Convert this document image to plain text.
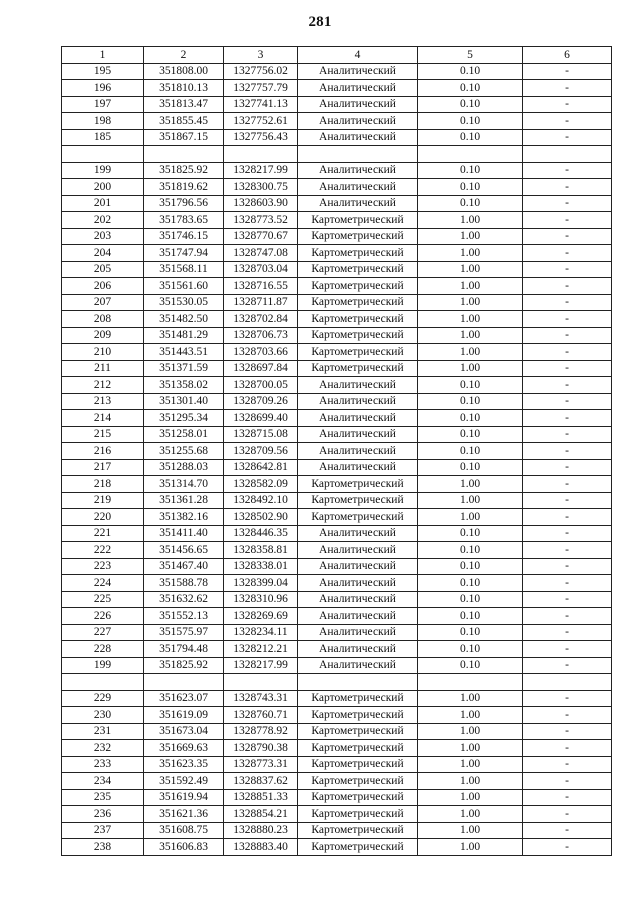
281
1	2	3	4	5	6
195	351808.00	1327756.02	Аналитический	0.10	-
196	351810.13	1327757.79	Аналитический	0.10	-
197	351813.47	1327741.13	Аналитический	0.10	-
198	351855.45	1327752.61	Аналитический	0.10	-
185	351867.15	1327756.43	Аналитический	0.10	-

199	351825.92	1328217.99	Аналитический	0.10	-
200	351819.62	1328300.75	Аналитический	0.10	-
201	351796.56	1328603.90	Аналитический	0.10	-
202	351783.65	1328773.52	Картометрический	1.00	-
203	351746.15	1328770.67	Картометрический	1.00	-
204	351747.94	1328747.08	Картометрический	1.00	-
205	351568.11	1328703.04	Картометрический	1.00	-
206	351561.60	1328716.55	Картометрический	1.00	-
207	351530.05	1328711.87	Картометрический	1.00	-
208	351482.50	1328702.84	Картометрический	1.00	-
209	351481.29	1328706.73	Картометрический	1.00	-
210	351443.51	1328703.66	Картометрический	1.00	-
211	351371.59	1328697.84	Картометрический	1.00	-
212	351358.02	1328700.05	Аналитический	0.10	-
213	351301.40	1328709.26	Аналитический	0.10	-
214	351295.34	1328699.40	Аналитический	0.10	-
215	351258.01	1328715.08	Аналитический	0.10	-
216	351255.68	1328709.56	Аналитический	0.10	-
217	351288.03	1328642.81	Аналитический	0.10	-
218	351314.70	1328582.09	Картометрический	1.00	-
219	351361.28	1328492.10	Картометрический	1.00	-
220	351382.16	1328502.90	Картометрический	1.00	-
221	351411.40	1328446.35	Аналитический	0.10	-
222	351456.65	1328358.81	Аналитический	0.10	-
223	351467.40	1328338.01	Аналитический	0.10	-
224	351588.78	1328399.04	Аналитический	0.10	-
225	351632.62	1328310.96	Аналитический	0.10	-
226	351552.13	1328269.69	Аналитический	0.10	-
227	351575.97	1328234.11	Аналитический	0.10	-
228	351794.48	1328212.21	Аналитический	0.10	-
199	351825.92	1328217.99	Аналитический	0.10	-

229	351623.07	1328743.31	Картометрический	1.00	-
230	351619.09	1328760.71	Картометрический	1.00	-
231	351673.04	1328778.92	Картометрический	1.00	-
232	351669.63	1328790.38	Картометрический	1.00	-
233	351623.35	1328773.31	Картометрический	1.00	-
234	351592.49	1328837.62	Картометрический	1.00	-
235	351619.94	1328851.33	Картометрический	1.00	-
236	351621.36	1328854.21	Картометрический	1.00	-
237	351608.75	1328880.23	Картометрический	1.00	-
238	351606.83	1328883.40	Картометрический	1.00	-
